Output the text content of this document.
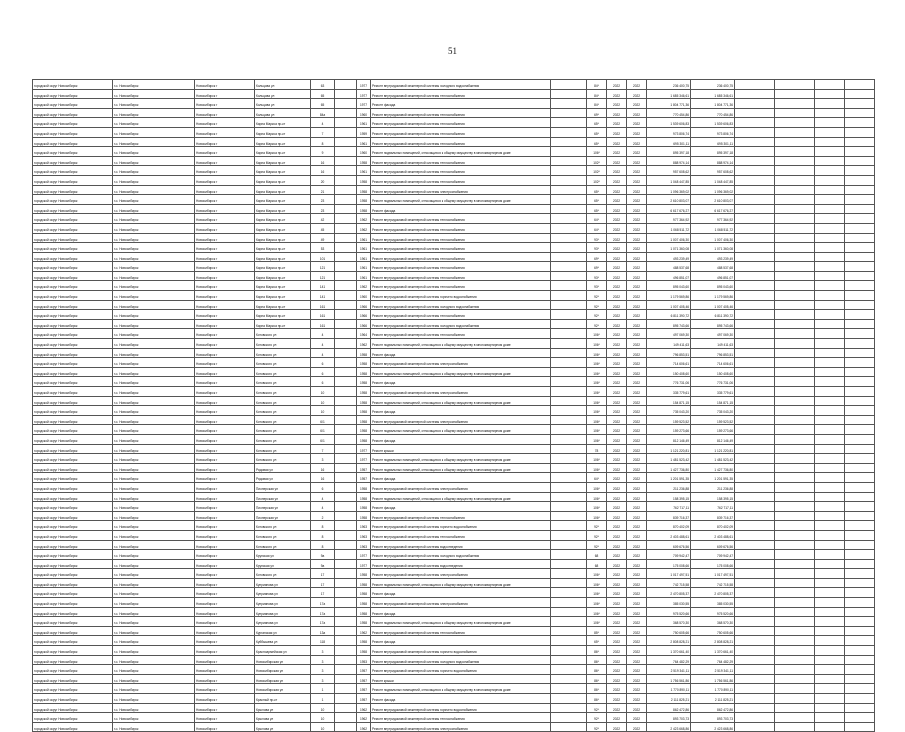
51
городской округ Новосибирск	г.о. Новосибирск	Новосибирск г	Кольцова ул	63		1977	Ремонт внутридомовой инженерной системы холодного водоснабжения		84*	2022	2022	236 400,75	236 400,75				
городской округ Новосибирск	г.о. Новосибирск	Новосибирск г	Кольцова ул	65		1977	Ремонт внутридомовой инженерной системы теплоснабжения		84*	2022	2022	1 685 346,61	1 685 346,61				
городской округ Новосибирск	г.о. Новосибирск	Новосибирск г	Кольцова ул	65		1977	Ремонт фасада		84*	2022	2022	1 804 771,36	1 804 771,36				
городской округ Новосибирск	г.о. Новосибирск	Новосибирск г	Кольцова ул	84а		1960	Ремонт внутридомовой инженерной системы теплоснабжения		69*	2022	2022	770 454,86	770 454,86				
городской округ Новосибирск	г.о. Новосибирск	Новосибирск г	Карла Маркса пр-кт	4		1961	Ремонт внутридомовой инженерной системы теплоснабжения		65*	2022	2022	1 539 606,83	1 539 606,83				
городской округ Новосибирск	г.о. Новосибирск	Новосибирск г	Карла Маркса пр-кт	7		1959	Ремонт внутридомовой инженерной системы теплоснабжения		65*	2022	2022	973 806,74	973 806,74				
городской округ Новосибирск	г.о. Новосибирск	Новосибирск г	Карла Маркса пр-кт	8		1961	Ремонт внутридомовой инженерной системы теплоснабжения		65*	2022	2022	695 301,11	695 301,11				
городской округ Новосибирск	г.о. Новосибирск	Новосибирск г	Карла Маркса пр-кт	9		1960	Ремонт подвальных помещений, относящихся к общему имуществу в многоквартирном доме		106*	2022	2022	895 397,18	895 397,18				
городской округ Новосибирск	г.о. Новосибирск	Новосибирск г	Карла Маркса пр-кт	16		1958	Ремонт внутридомовой инженерной системы теплоснабжения		102*	2022	2022	888 974,14	888 974,14				
городской округ Новосибирск	г.о. Новосибирск	Новосибирск г	Карла Маркса пр-кт	16		1961	Ремонт внутридомовой инженерной системы теплоснабжения		102*	2022	2022	957 608,62	957 608,62				
городской округ Новосибирск	г.о. Новосибирск	Новосибирск г	Карла Маркса пр-кт	20		1958	Ремонт внутридомовой инженерной системы теплоснабжения		102*	2022	2022	1 048 447,85	1 048 447,85				
городской округ Новосибирск	г.о. Новосибирск	Новосибирск г	Карла Маркса пр-кт	21		1958	Ремонт внутридомовой инженерной системы электроснабжения		65*	2022	2022	1 096 369,02	1 096 369,02				
городской округ Новосибирск	г.о. Новосибирск	Новосибирск г	Карла Маркса пр-кт	23		1958	Ремонт подвальных помещений, относящихся к общему имуществу в многоквартирном доме		65*	2022	2022	2 610 803,07	2 610 803,07				
городской округ Новосибирск	г.о. Новосибирск	Новосибирск г	Карла Маркса пр-кт	23		1958	Ремонт фасада		65*	2022	2022	6 617 676,27	6 617 676,27				
городской округ Новосибирск	г.о. Новосибирск	Новосибирск г	Карла Маркса пр-кт	42		1962	Ремонт внутридомовой инженерной системы теплоснабжения		64*	2022	2022	977 364,92	977 364,92				
городской округ Новосибирск	г.о. Новосибирск	Новосибирск г	Карла Маркса пр-кт	45		1962	Ремонт внутридомовой инженерной системы теплоснабжения		64*	2022	2022	1 068 511,72	1 068 511,72				
городской округ Новосибирск	г.о. Новосибирск	Новосибирск г	Карла Маркса пр-кт	49		1961	Ремонт внутридомовой инженерной системы теплоснабжения		93*	2022	2022	1 007 406,30	1 007 406,30				
городской округ Новосибирск	г.о. Новосибирск	Новосибирск г	Карла Маркса пр-кт	53		1961	Ремонт внутридомовой инженерной системы теплоснабжения		93*	2022	2022	1 071 360,08	1 071 360,08				
городской округ Новосибирск	г.о. Новосибирск	Новосибирск г	Карла Маркса пр-кт	101		1961	Ремонт внутридомовой инженерной системы теплоснабжения		69*	2022	2022	493 239,49	493 239,49				
городской округ Новосибирск	г.о. Новосибирск	Новосибирск г	Карла Маркса пр-кт	121		1961	Ремонт внутридомовой инженерной системы теплоснабжения		69*	2022	2022	488 537,68	488 537,68				
городской округ Новосибирск	г.о. Новосибирск	Новосибирск г	Карла Маркса пр-кт	121		1961	Ремонт внутридомовой инженерной системы теплоснабжения		93*	2022	2022	496 851,07	496 851,07				
городской округ Новосибирск	г.о. Новосибирск	Новосибирск г	Карла Маркса пр-кт	141		1962	Ремонт внутридомовой инженерной системы теплоснабжения		93*	2022	2022	895 043,60	895 043,60				
городской округ Новосибирск	г.о. Новосибирск	Новосибирск г	Карла Маркса пр-кт	141		1960	Ремонт внутридомовой инженерной системы горячего водоснабжения		92*	2022	2022	1 179 569,86	1 179 569,86				
городской округ Новосибирск	г.о. Новосибирск	Новосибирск г	Карла Маркса пр-кт	161		1966	Ремонт внутридомовой инженерной системы холодного водоснабжения		92*	2022	2022	1 007 405,46	1 007 405,46				
городской округ Новосибирск	г.о. Новосибирск	Новосибирск г	Карла Маркса пр-кт	161		1966	Ремонт внутридомовой инженерной системы теплоснабжения		92*	2022	2022	6 811 390,72	6 811 390,72				
городской округ Новосибирск	г.о. Новосибирск	Новосибирск г	Карла Маркса пр-кт	161		1966	Ремонт внутридомовой инженерной системы холодного водоснабжения		92*	2022	2022	895 743,66	895 743,66				
городской округ Новосибирск	г.о. Новосибирск	Новосибирск г	Котовского ул	4		1964	Ремонт внутридомовой инженерной системы теплоснабжения		106*	2022	2022	497 069,30	497 069,30				
городской округ Новосибирск	г.о. Новосибирск	Новосибирск г	Котовского ул	4		1962	Ремонт подвальных помещений, относящихся к общему имуществу в многоквартирном доме		106*	2022	2022	149 411,63	149 411,63				
городской округ Новосибирск	г.о. Новосибирск	Новосибирск г	Котовского ул	4		1958	Ремонт фасада		106*	2022	2022	796 853,51	796 853,51				
городской округ Новосибирск	г.о. Новосибирск	Новосибирск г	Котовского ул	6		1958	Ремонт внутридомовой инженерной системы электроснабжения		106*	2022	2022	714 606,61	714 606,61				
городской округ Новосибирск	г.о. Новосибирск	Новосибирск г	Котовского ул	6		1958	Ремонт подвальных помещений, относящихся к общему имуществу в многоквартирном доме		106*	2022	2022	150 408,60	150 408,60				
городской округ Новосибирск	г.о. Новосибирск	Новосибирск г	Котовского ул	6		1958	Ремонт фасада		106*	2022	2022	776 731,06	776 731,06				
городской округ Новосибирск	г.о. Новосибирск	Новосибирск г	Котовского ул	10		1958	Ремонт внутридомовой инженерной системы электроснабжения		106*	2022	2022	335 779,61	335 779,61				
городской округ Новосибирск	г.о. Новосибирск	Новосибирск г	Котовского ул	10		1958	Ремонт подвальных помещений, относящихся к общему имуществу в многоквартирном доме		106*	2022	2022	154 871,15	154 871,15				
городской округ Новосибирск	г.о. Новосибирск	Новосибирск г	Котовского ул	10		1958	Ремонт фасада		106*	2022	2022	735 043,20	735 043,20				
городской округ Новосибирск	г.о. Новосибирск	Новосибирск г	Котовского ул	6/1		1958	Ремонт внутридомовой инженерной системы электроснабжения		106*	2022	2022	159 523,52	159 523,52				
городской округ Новосибирск	г.о. Новосибирск	Новосибирск г	Котовского ул	6/1		1958	Ремонт подвальных помещений, относящихся к общему имуществу в многоквартирном доме		106*	2022	2022	159 273,66	159 273,66				
городской округ Новосибирск	г.о. Новосибирск	Новосибирск г	Котовского ул	6/1		1958	Ремонт фасада		106*	2022	2022	812 146,49	812 146,49				
городской округ Новосибирск	г.о. Новосибирск	Новосибирск г	Котовского ул	7		1977	Ремонт крыши		78	2022	2022	1 121 220,81	1 121 220,81				
городской округ Новосибирск	г.о. Новосибирск	Новосибирск г	Котовского ул	3		1977	Ремонт подвальных помещений, относящихся к общему имуществу в многоквартирном доме		106*	2022	2022	1 481 523,42	1 481 523,42				
городской округ Новосибирск	г.о. Новосибирск	Новосибирск г	Рядовая ул	16		1957	Ремонт подвальных помещений, относящихся к общему имуществу в многоквартирном доме		106*	2022	2022	1 427 736,80	1 427 736,80				
городской округ Новосибирск	г.о. Новосибирск	Новосибирск г	Рядовая ул	16		1957	Ремонт фасада		64*	2022	2022	1 201 591,35	1 201 591,35				
городской округ Новосибирск	г.о. Новосибирск	Новосибирск г	Пионерская ул	6		1958	Ремонт внутридомовой инженерной системы электроснабжения		106*	2022	2022	211 236,88	211 236,88				
городской округ Новосибирск	г.о. Новосибирск	Новосибирск г	Пионерская ул	4		1958	Ремонт подвальных помещений, относящихся к общему имуществу в многоквартирном доме		106*	2022	2022	158 395,15	158 395,15				
городской округ Новосибирск	г.о. Новосибирск	Новосибирск г	Пионерская ул	4		1958	Ремонт фасада		106*	2022	2022	762 717,11	762 717,11				
городской округ Новосибирск	г.о. Новосибирск	Новосибирск г	Пионерская ул	2		1958	Ремонт внутридомовой инженерной системы теплоснабжения		106*	2022	2022	839 716,37	839 716,37				
городской округ Новосибирск	г.о. Новосибирск	Новосибирск г	Котовского ул	8		1963	Ремонт внутридомовой инженерной системы горячего водоснабжения		92*	2022	2022	870 402,09	870 402,09				
городской округ Новосибирск	г.о. Новосибирск	Новосибирск г	Котовского ул	8		1963	Ремонт внутридомовой инженерной системы теплоснабжения		92*	2022	2022	2 403 488,61	2 403 488,61				
городской округ Новосибирск	г.о. Новосибирск	Новосибирск г	Котовского ул	8		1963	Ремонт внутридомовой инженерной системы водоотведения		92*	2022	2022	609 676,56	609 676,56				
городской округ Новосибирск	г.о. Новосибирск	Новосибирск г	Крупская ул	9а		1977	Ремонт внутридомовой инженерной системы холодного водоснабжения		68	2022	2022	709 942,47	709 942,47				
городской округ Новосибирск	г.о. Новосибирск	Новосибирск г	Крупская ул	9а		1977	Ремонт внутридомовой инженерной системы водоотведения		68	2022	2022	175 008,66	175 008,66				
городской округ Новосибирск	г.о. Новосибирск	Новосибирск г	Котовского ул	17		1958	Ремонт внутридомовой инженерной системы электроснабжения		106*	2022	2022	1 017 497,51	1 017 497,51				
городской округ Новосибирск	г.о. Новосибирск	Новосибирск г	Куприянова ул	17		1958	Ремонт подвальных помещений, относящихся к общему имуществу в многоквартирном доме		106*	2022	2022	742 715,58	742 715,58				
городской округ Новосибирск	г.о. Новосибирск	Новосибирск г	Куприянова ул	17		1958	Ремонт фасада		106*	2022	2022	2 470 805,37	2 470 805,37				
городской округ Новосибирск	г.о. Новосибирск	Новосибирск г	Куприянова ул	17а		1958	Ремонт внутридомовой инженерной системы электроснабжения		106*	2022	2022	385 030,55	385 030,55				
городской округ Новосибирск	г.о. Новосибирск	Новосибирск г	Куприянова ул	17а		1958	Ремонт фасада		106*	2022	2022	975 520,66	975 520,66				
городской округ Новосибирск	г.о. Новосибирск	Новосибирск г	Куприянова ул	17а		1958	Ремонт подвальных помещений, относящихся к общему имуществу в многоквартирном доме		106*	2022	2022	368 570,30	368 570,30				
городской округ Новосибирск	г.о. Новосибирск	Новосибирск г	Курганская ул	13а		1962	Ремонт внутридомовой инженерной системы теплоснабжения		85*	2022	2022	750 605,66	750 605,66				
городской округ Новосибирск	г.о. Новосибирск	Новосибирск г	Куйбышева ул	118		1958	Ремонт фасада		65*	2022	2022	2 808 828,21	2 808 828,21				
городской округ Новосибирск	г.о. Новосибирск	Новосибирск г	Красноармейская ул	3		1958	Ремонт внутридомовой инженерной системы горячего водоснабжения		86*	2022	2022	1 370 661,40	1 370 661,40				
городской округ Новосибирск	г.о. Новосибирск	Новосибирск г	Новосибирская ул	3		1953	Ремонт внутридомовой инженерной системы холодного водоснабжения		86*	2022	2022	764 482,29	764 482,29				
городской округ Новосибирск	г.о. Новосибирск	Новосибирск г	Новосибирская ул	3		1957	Ремонт внутридомовой инженерной системы горячего водоснабжения		86*	2022	2022	2 519 341,11	2 519 341,11				
городской округ Новосибирск	г.о. Новосибирск	Новосибирск г	Новосибирская ул	3		1957	Ремонт крыши		86*	2022	2022	1 756 561,86	1 756 561,86				
городской округ Новосибирск	г.о. Новосибирск	Новосибирск г	Новосибирская ул	1		1957	Ремонт подвальных помещений, относящихся к общему имуществу в многоквартирном доме		86*	2022	2022	1 770 890,11	1 770 890,11				
городской округ Новосибирск	г.о. Новосибирск	Новосибирск г	Красный пр-кт	1		1957	Ремонт фасада		86*	2022	2022	2 111 825,21	2 111 825,21				
городской округ Новосибирск	г.о. Новосибирск	Новосибирск г	Крылова ул	10		1962	Ремонт внутридомовой инженерной системы горячего водоснабжения		92*	2022	2022	862 472,86	862 472,86				
городской округ Новосибирск	г.о. Новосибирск	Новосибирск г	Крылова ул	10		1962	Ремонт внутридомовой инженерной системы теплоснабжения		92*	2022	2022	893 703,73	893 703,73				
городской округ Новосибирск	г.о. Новосибирск	Новосибирск г	Крылова ул	10		1962	Ремонт внутридомовой инженерной системы электроснабжения		92*	2022	2022	2 423 668,86	2 423 668,86				
